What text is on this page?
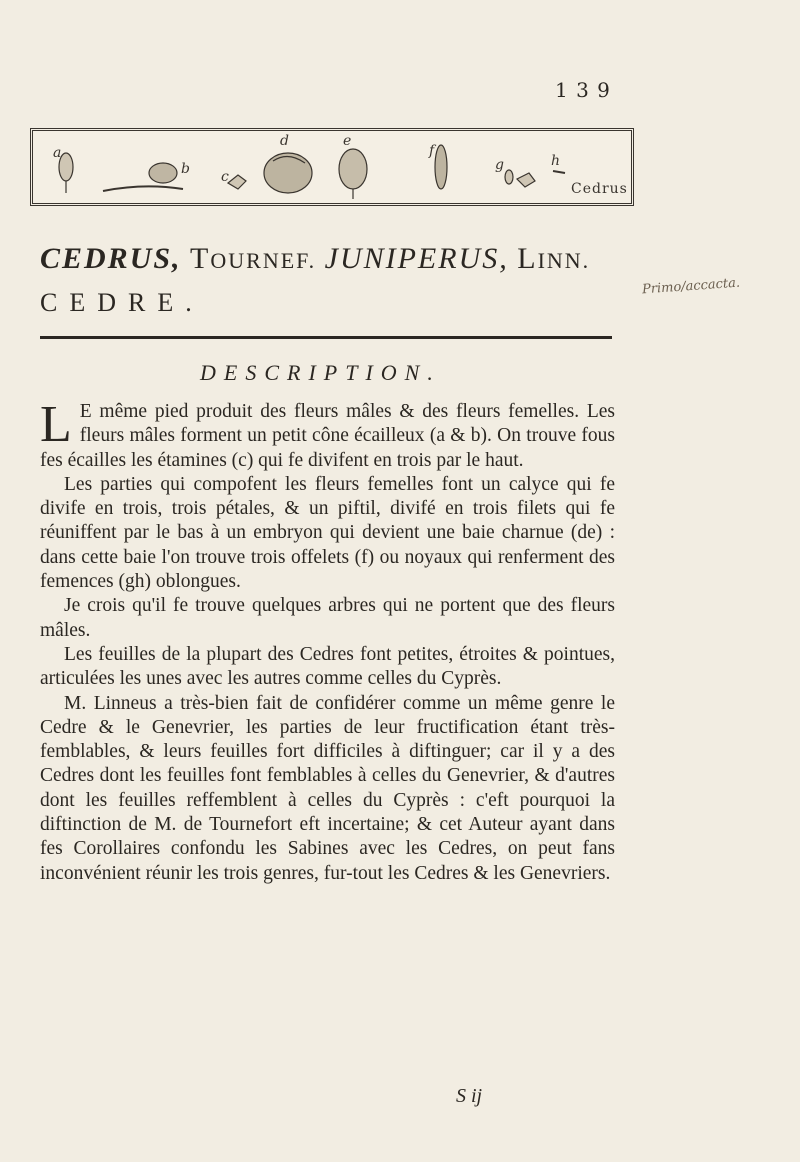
1 3 9
a
b c
d	e
f
g	h
Cedrus
CEDRUS, TOURNEF. JUNIPERUS, LINN.
CEDRE.
Primo/accacta.
DESCRIPTION.

L E même pied produit des fleurs mâles & des fleurs femelles. Les fleurs mâles forment un petit cône écailleux (a & b). On trouve fous fes écailles les étamines (c) qui fe divifent en trois par le haut.

Les parties qui compofent les fleurs femelles font un calyce qui fe divife en trois, trois pétales, & un piftil, divifé en trois filets qui fe réuniffent par le bas à un embryon qui devient une baie charnue (de) : dans cette baie l'on trouve trois offelets (f) ou noyaux qui renferment des femences (gh) oblongues.

Je crois qu'il fe trouve quelques arbres qui ne portent que des fleurs mâles.

Les feuilles de la plupart des Cedres font petites, étroites & pointues, articulées les unes avec les autres comme celles du Cyprès.

M. Linneus a très-bien fait de confidérer comme un même genre le Cedre & le Genevrier, les parties de leur fructification étant très-femblables, & leurs feuilles fort difficiles à diftinguer; car il y a des Cedres dont les feuilles font femblables à celles du Genevrier, & d'autres dont les feuilles reffemblent à celles du Cyprès : c'eft pourquoi la diftinction de M. de Tournefort eft incertaine; & cet Auteur ayant dans fes Corollaires confondu les Sabines avec les Cedres, on peut fans inconvénient réunir les trois genres, fur-tout les Cedres & les Genevriers.

S ij
